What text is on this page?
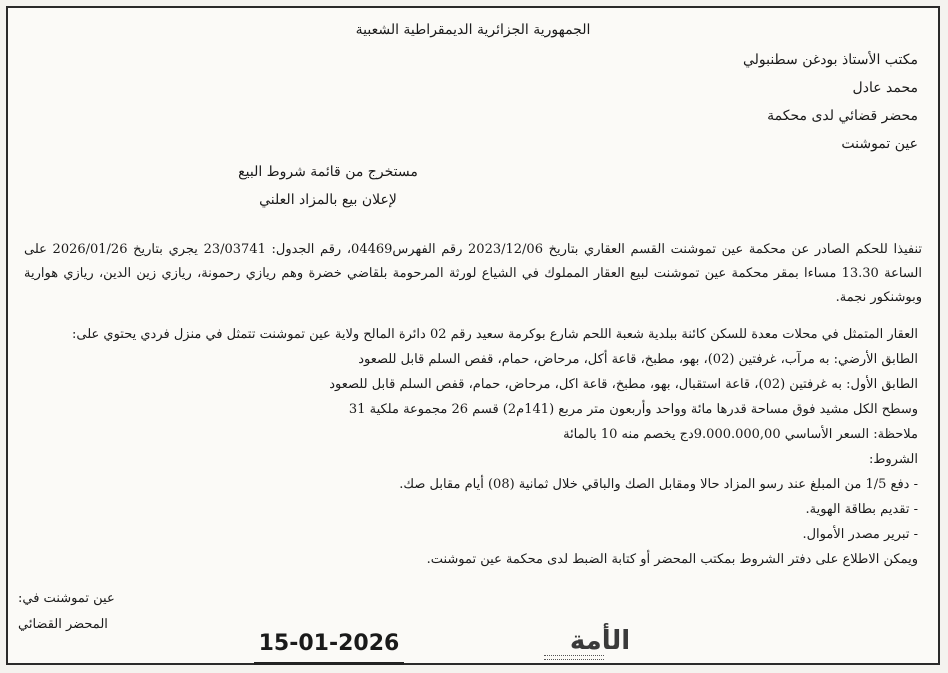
الجمهورية الجزائرية الديمقراطية الشعبية
مكتب الأستاذ بودغن سطنبولي
محمد عادل
محضر قضائي لدى محكمة
عين تموشنت
مستخرج من قائمة شروط البيع
لإعلان بيع بالمزاد العلني
تنفيذا للحكم الصادر عن محكمة عين تموشنت القسم العقاري بتاريخ 2023/12/06 رقم الفهرس04469، رقم الجدول: 23/03741 يجري بتاريخ 2026/01/26 على الساعة 13.30 مساءا بمقر محكمة عين تموشنت لبيع العقار المملوك في الشياع لورثة المرحومة بلقاضي خضرة وهم ريازي رحمونة، ريازي زين الدين، ريازي هوارية وبوشنكور نجمة.
العقار المتمثل في محلات معدة للسكن كائنة ببلدية شعبة اللحم شارع بوكرمة سعيد رقم 02 دائرة المالح ولاية عين تموشنت تتمثل في منزل فردي يحتوي على:
الطابق الأرضي: به مرآب، غرفتين (02)، بهو، مطبخ، قاعة أكل، مرحاض، حمام، قفص السلم قابل للصعود
الطابق الأول: به غرفتين (02)، قاعة استقبال، بهو، مطبخ، قاعة اكل، مرحاض، حمام، قفص السلم قابل للصعود
وسطح الكل مشيد فوق مساحة قدرها مائة وواحد وأربعون متر مربع (141م2) قسم 26 مجموعة ملكية 31
ملاحظة: السعر الأساسي 9.000.000,00دج يخصم منه 10 بالمائة
الشروط:
- دفع 1/5 من المبلغ عند رسو المزاد حالا ومقابل الصك والباقي خلال ثمانية (08) أيام مقابل صك.
- تقديم بطاقة الهوية.
- تبرير مصدر الأموال.
ويمكن الاطلاع على دفتر الشروط بمكتب المحضر أو كتابة الضبط لدى محكمة عين تموشنت.
عين تموشنت في:
المحضر القضائي
الأمة
15-01-2026
